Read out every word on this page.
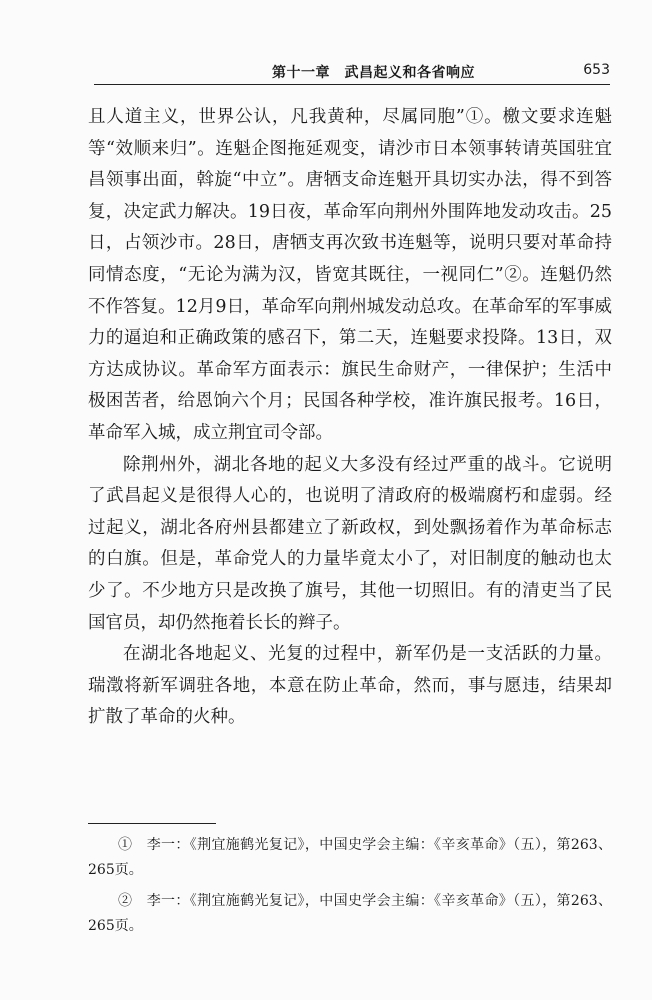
第十一章　武昌起义和各省响应	653

且人道主义，世界公认，凡我黄种，尽属同胞”①。檄文要求连魁等“效顺来归”。连魁企图拖延观变，请沙市日本领事转请英国驻宜昌领事出面，斡旋“中立”。唐牺支命连魁开具切实办法，得不到答复，决定武力解决。19日夜，革命军向荆州外围阵地发动攻击。25日，占领沙市。28日，唐牺支再次致书连魁等，说明只要对革命持同情态度，“无论为满为汉，皆宽其既往，一视同仁”②。连魁仍然不作答复。12月9日，革命军向荆州城发动总攻。在革命军的军事威力的逼迫和正确政策的感召下，第二天，连魁要求投降。13日，双方达成协议。革命军方面表示：旗民生命财产，一律保护；生活中极困苦者，给恩饷六个月；民国各种学校，准许旗民报考。16日，革命军入城，成立荆宜司令部。

除荆州外，湖北各地的起义大多没有经过严重的战斗。它说明了武昌起义是很得人心的，也说明了清政府的极端腐朽和虚弱。经过起义，湖北各府州县都建立了新政权，到处飘扬着作为革命标志的白旗。但是，革命党人的力量毕竟太小了，对旧制度的触动也太少了。不少地方只是改换了旗号，其他一切照旧。有的清吏当了民国官员，却仍然拖着长长的辫子。

在湖北各地起义、光复的过程中，新军仍是一支活跃的力量。瑞澂将新军调驻各地，本意在防止革命，然而，事与愿违，结果却扩散了革命的火种。

①　李一：《荆宜施鹤光复记》，中国史学会主编：《辛亥革命》（五），第263、265页。

②　李一：《荆宜施鹤光复记》，中国史学会主编：《辛亥革命》（五），第263、265页。
